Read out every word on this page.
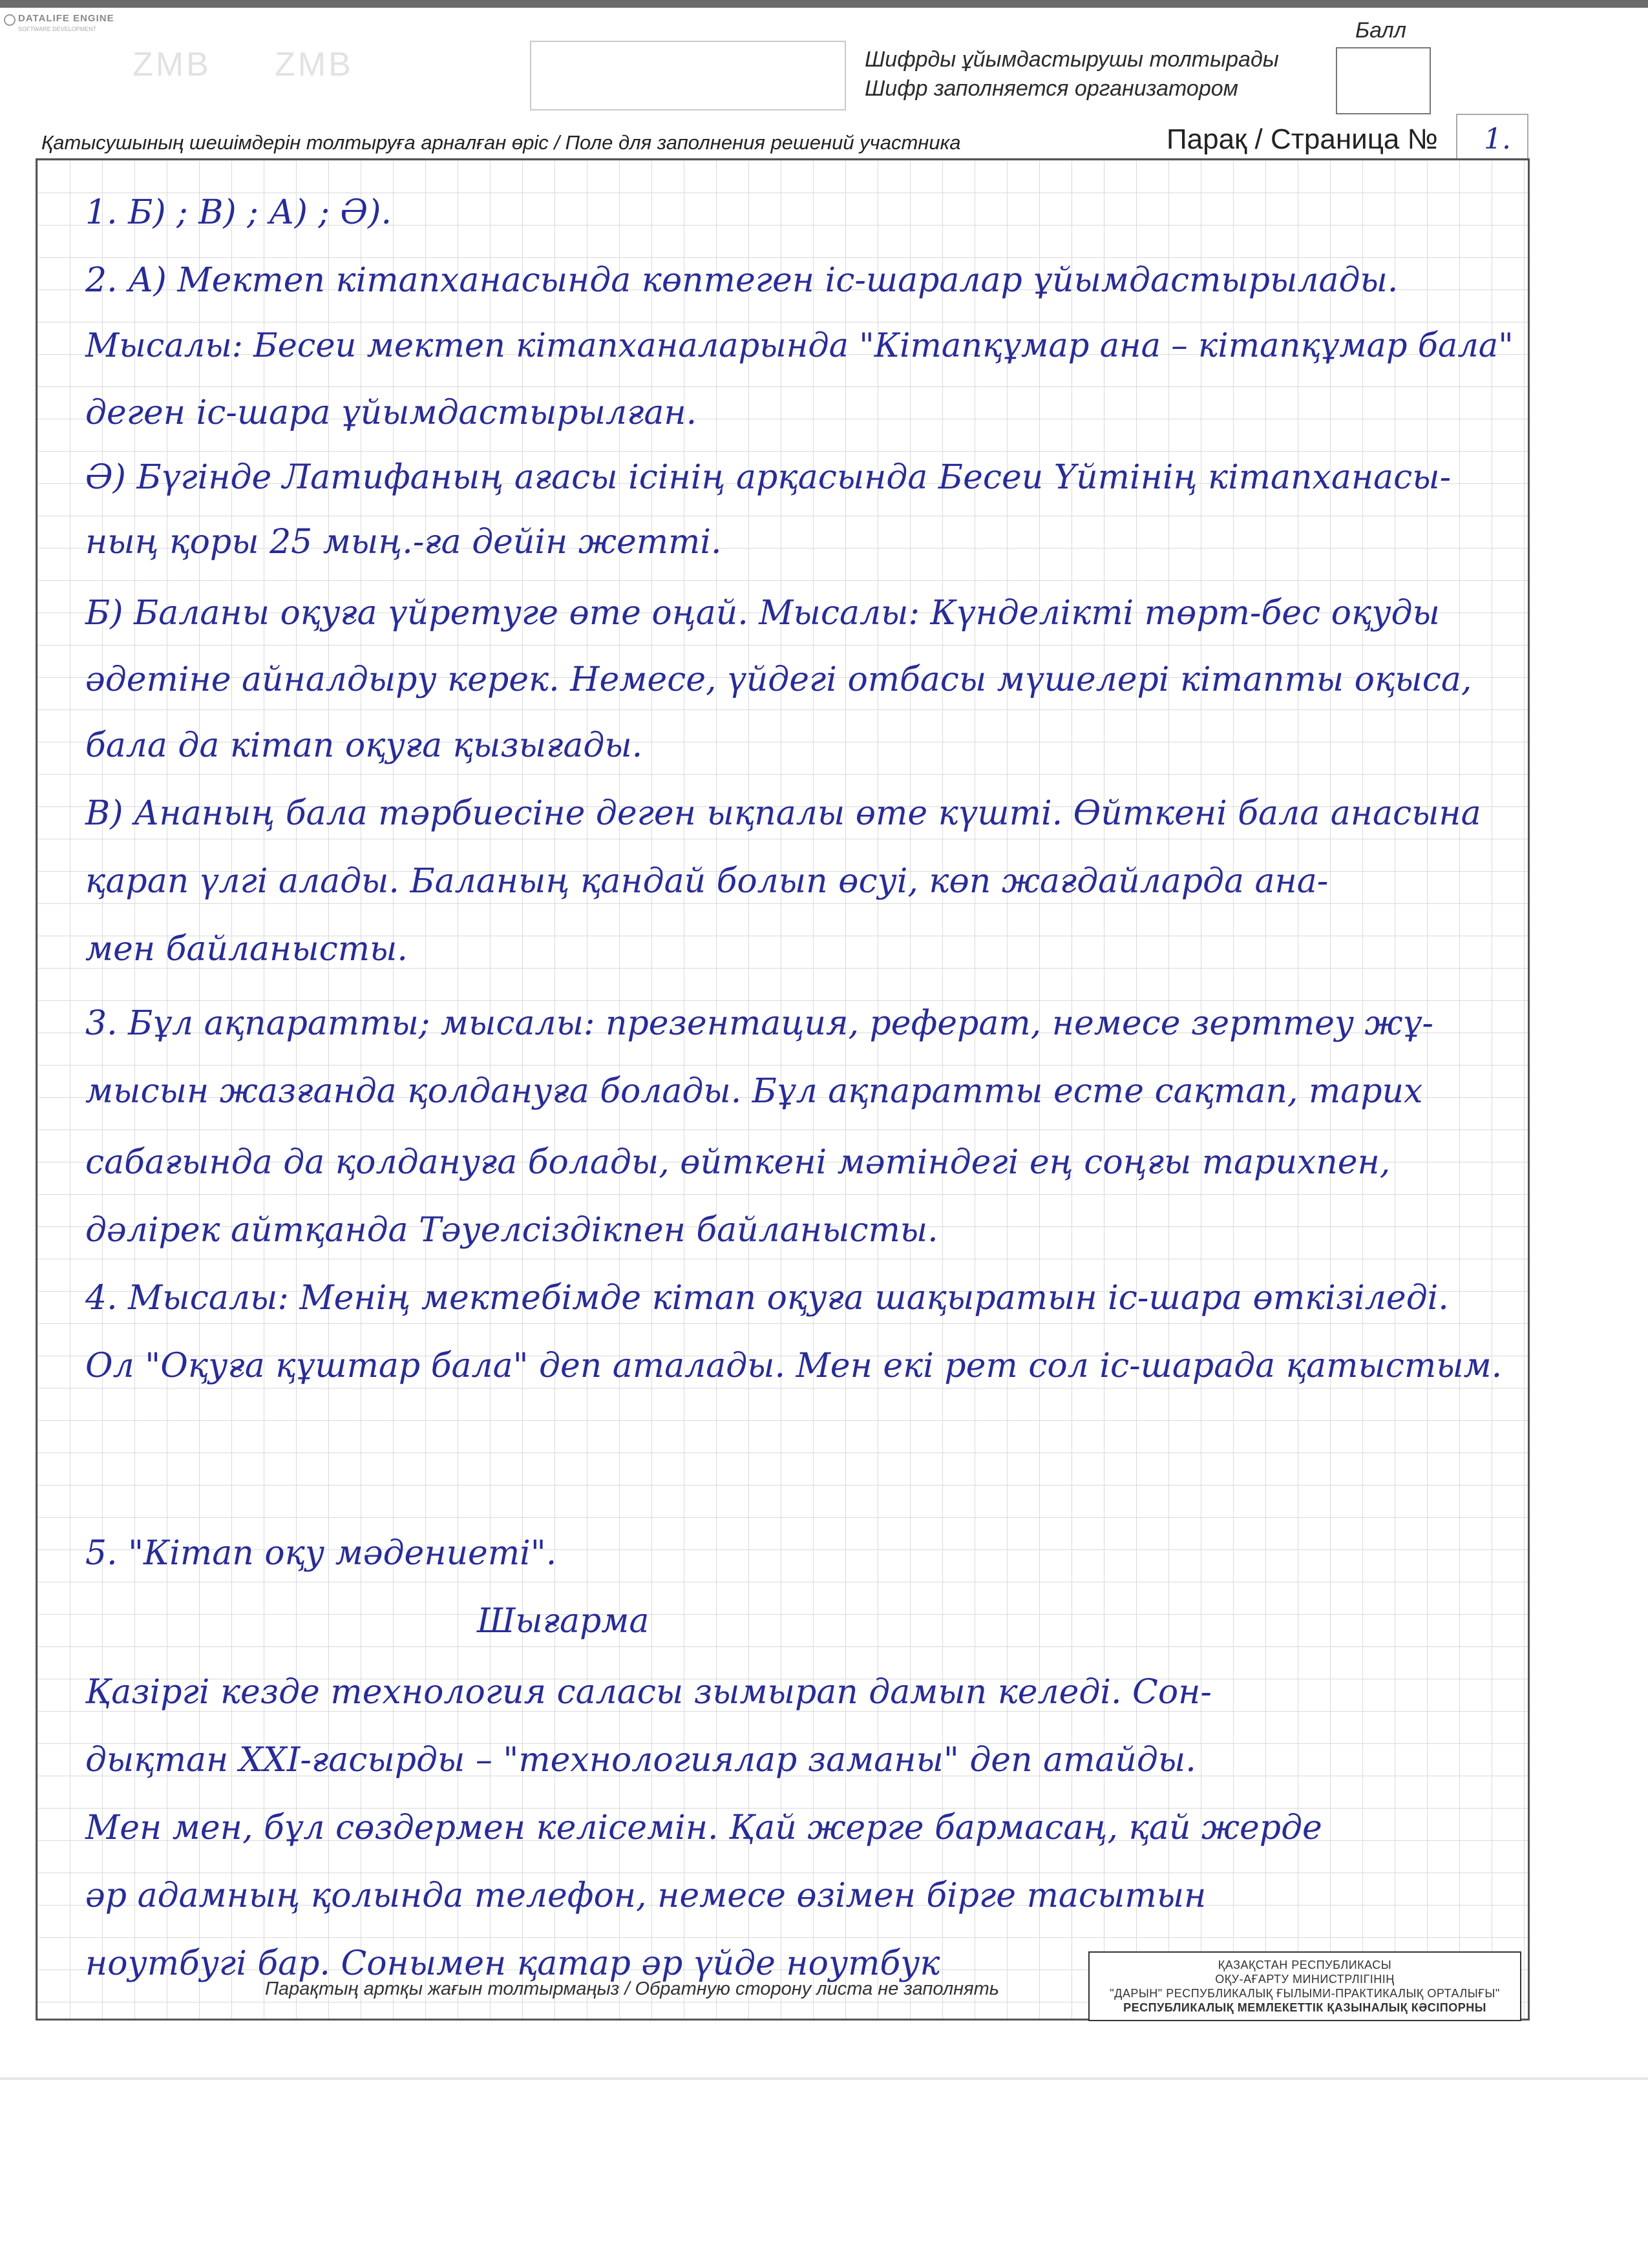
DATALIFE ENGINE
SOFTWARE DEVELOPMENT
ZMB ZMB	Шифрды ұйымдастырушы толтырады
Шифр заполняется организатором
Балл
Қатысушының шешімдерін толтыруға арналған өріс / Поле для заполнения решений участника	Парақ / Страница № 1.
1. Б) ; В) ; А) ; Ә).
2. А) Мектеп кітапханасында көптеген іс-шаралар ұйымдастырылады.
Мысалы: Бесеи мектеп кітапханаларында "Кітапқұмар ана – кітапқұмар бала"
деген іс-шара ұйымдастырылған.
Ә) Бүгінде Латифаның ағасы ісінің арқасында Бесеи Үйтінің кітапханасы-
ның қоры 25 мың.-ға дейін жетті.
Б) Баланы оқуға үйретуге өте оңай. Мысалы: Күнделікті төрт-бес оқуды
әдетіне айналдыру керек. Немесе, үйдегі отбасы мүшелері кітапты оқыса,
бала да кітап оқуға қызығады.
В) Ананың бала тәрбиесіне деген ықпалы өте күшті. Өйткені бала анасына
қарап үлгі алады. Баланың қандай болып өсуі, көп жағдайларда ана-
мен байланысты.
3. Бұл ақпаратты; мысалы: презентация, реферат, немесе зерттеу жұ-
мысын жазғанда қолдануға болады. Бұл ақпаратты есте сақтап, тарих
сабағында да қолдануға болады, өйткені мәтіндегі ең соңғы тарихпен,
дәлірек айтқанда Тәуелсіздікпен байланысты.
4. Мысалы: Менің мектебімде кітап оқуға шақыратын іс-шара өткізіледі.
Ол "Оқуға құштар бала" деп аталады. Мен екі рет сол іс-шарада қатыстым.
5. "Кітап оқу мәдениеті".
Шығарма
Қазіргі кезде технология саласы зымырап дамып келеді. Сон-
дықтан XXI-ғасырды – "технологиялар заманы" деп атайды.
Мен мен, бұл сөздермен келісемін. Қай жерге бармасаң, қай жерде
әр адамның қолында телефон, немесе өзімен бірге тасытын
ноутбугі бар. Сонымен қатар әр үйде ноутбук
Парақтың артқы жағын толтырмаңыз / Обратную сторону листа не заполнять
ҚАЗАҚСТАН РЕСПУБЛИКАСЫ
ОҚУ-АҒАРТУ МИНИСТРЛІГІНІҢ
"ДАРЫН" РЕСПУБЛИКАЛЫҚ ҒЫЛЫМИ-ПРАКТИКАЛЫҚ ОРТАЛЫҒЫ"
РЕСПУБЛИКАЛЫҚ МЕМЛЕКЕТТІК ҚАЗЫНАЛЫҚ КӘСІПОРНЫ
